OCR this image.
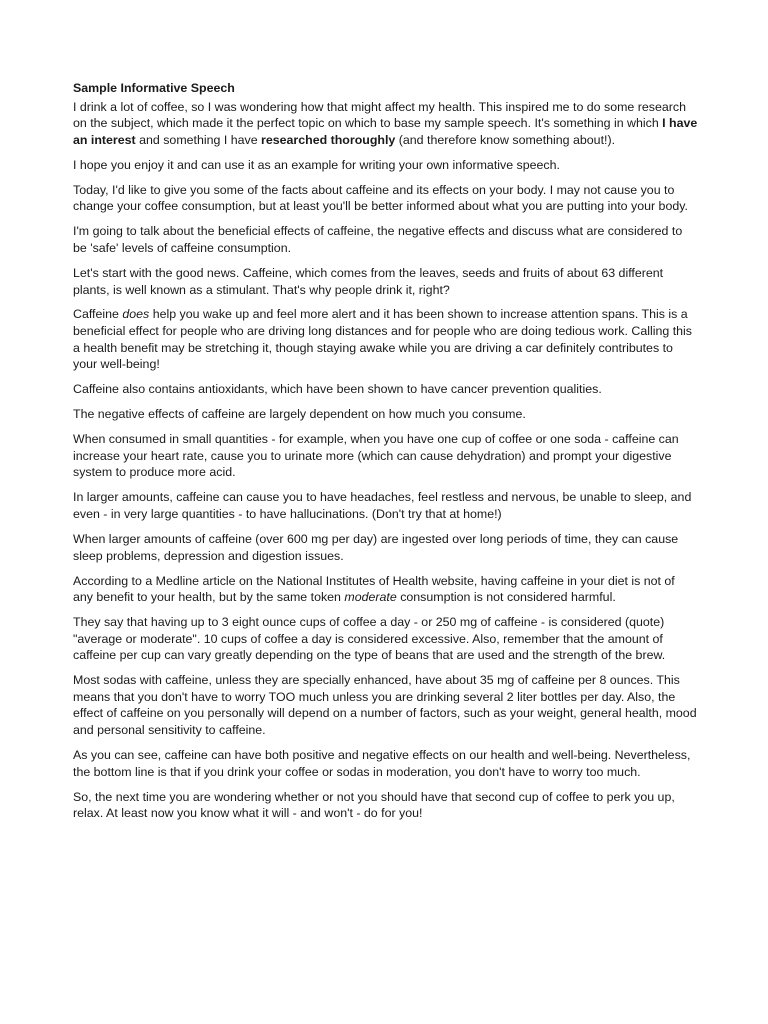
Sample Informative Speech

I drink a lot of coffee, so I was wondering how that might affect my health. This inspired me to do some research on the subject, which made it the perfect topic on which to base my sample speech. It's something in which I have an interest and something I have researched thoroughly (and therefore know something about!).

I hope you enjoy it and can use it as an example for writing your own informative speech.

Today, I'd like to give you some of the facts about caffeine and its effects on your body. I may not cause you to change your coffee consumption, but at least you'll be better informed about what you are putting into your body.

I'm going to talk about the beneficial effects of caffeine, the negative effects and discuss what are considered to be 'safe' levels of caffeine consumption.

Let's start with the good news. Caffeine, which comes from the leaves, seeds and fruits of about 63 different plants, is well known as a stimulant. That's why people drink it, right?

Caffeine does help you wake up and feel more alert and it has been shown to increase attention spans. This is a beneficial effect for people who are driving long distances and for people who are doing tedious work. Calling this a health benefit may be stretching it, though staying awake while you are driving a car definitely contributes to your well-being!

Caffeine also contains antioxidants, which have been shown to have cancer prevention qualities.

The negative effects of caffeine are largely dependent on how much you consume.

When consumed in small quantities - for example, when you have one cup of coffee or one soda - caffeine can increase your heart rate, cause you to urinate more (which can cause dehydration) and prompt your digestive system to produce more acid.

In larger amounts, caffeine can cause you to have headaches, feel restless and nervous, be unable to sleep, and even - in very large quantities - to have hallucinations. (Don't try that at home!)

When larger amounts of caffeine (over 600 mg per day) are ingested over long periods of time, they can cause sleep problems, depression and digestion issues.

According to a Medline article on the National Institutes of Health website, having caffeine in your diet is not of any benefit to your health, but by the same token moderate consumption is not considered harmful.

They say that having up to 3 eight ounce cups of coffee a day - or 250 mg of caffeine - is considered (quote) "average or moderate". 10 cups of coffee a day is considered excessive. Also, remember that the amount of caffeine per cup can vary greatly depending on the type of beans that are used and the strength of the brew.

Most sodas with caffeine, unless they are specially enhanced, have about 35 mg of caffeine per 8 ounces. This means that you don't have to worry TOO much unless you are drinking several 2 liter bottles per day. Also, the effect of caffeine on you personally will depend on a number of factors, such as your weight, general health, mood and personal sensitivity to caffeine.

As you can see, caffeine can have both positive and negative effects on our health and well-being. Nevertheless, the bottom line is that if you drink your coffee or sodas in moderation, you don't have to worry too much.

So, the next time you are wondering whether or not you should have that second cup of coffee to perk you up, relax. At least now you know what it will - and won't - do for you!
